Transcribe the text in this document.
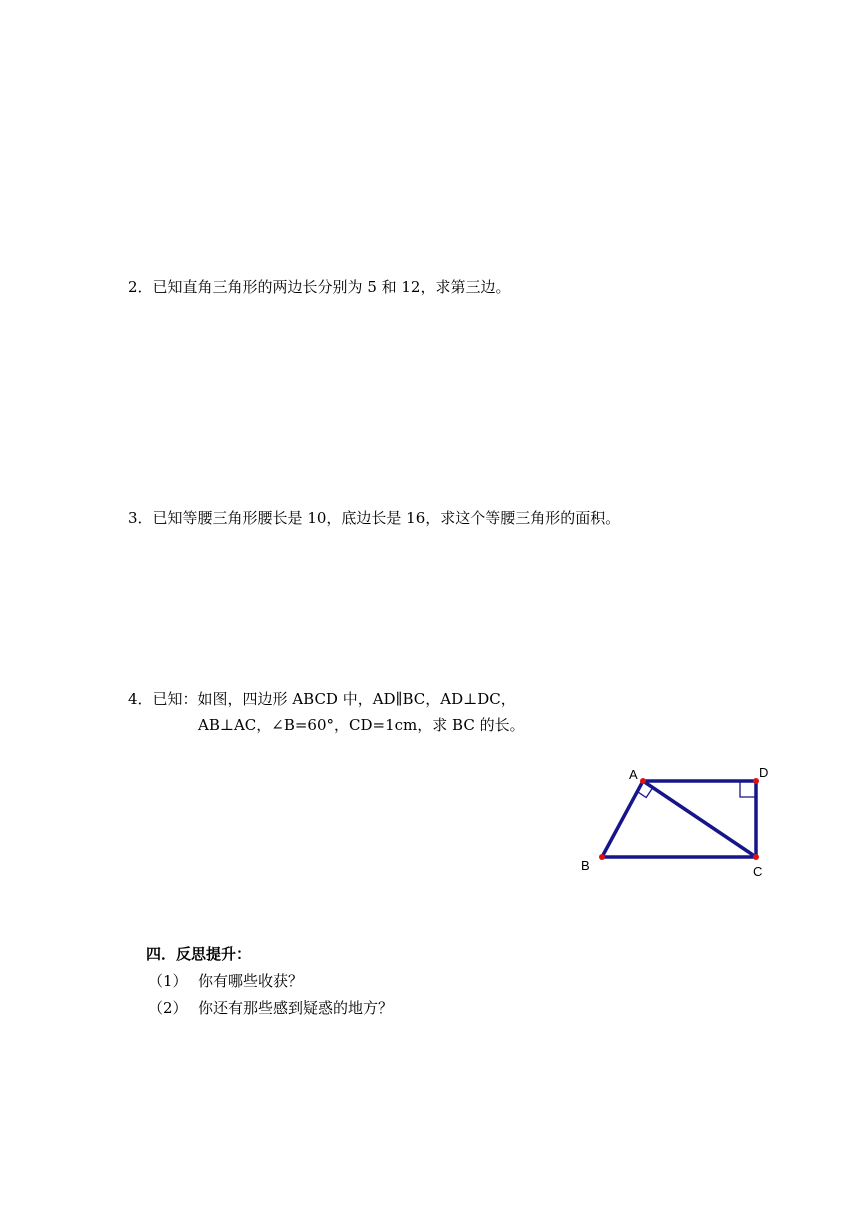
2．已知直角三角形的两边长分别为 5 和 12，求第三边。
3．已知等腰三角形腰长是 10，底边长是 16，求这个等腰三角形的面积。
4．已知：如图，四边形 ABCD 中，AD∥BC，AD⊥DC，
AB⊥AC，∠B=60°，CD=1cm，求 BC 的长。
A	D
B	C
四．反思提升：
（1） 你有哪些收获？
（2） 你还有那些感到疑惑的地方？
